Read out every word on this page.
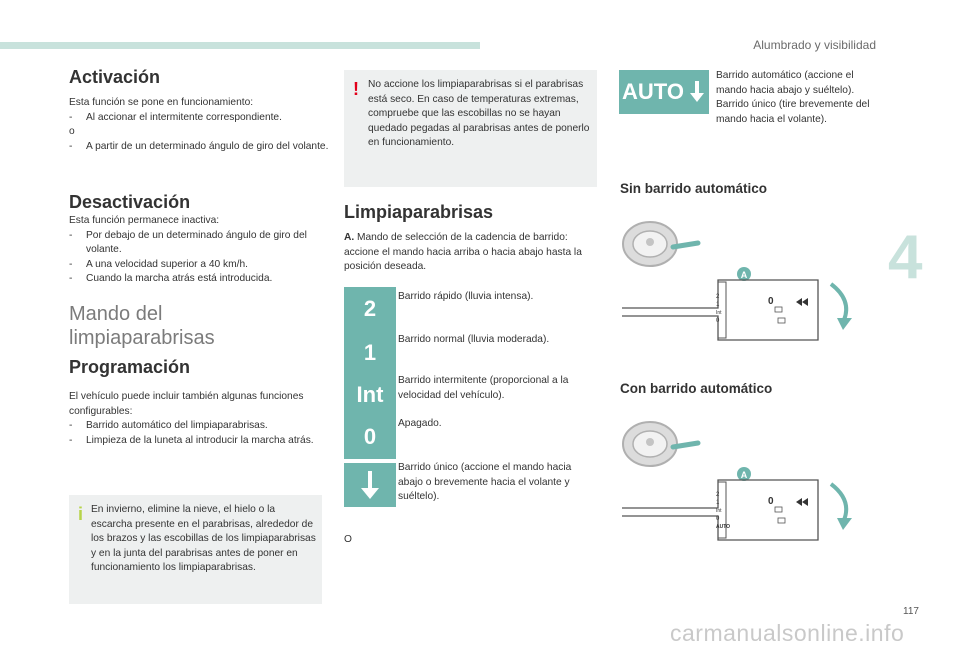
Alumbrado y visibilidad
4
117
carmanualsonline.info
Activación
Esta función se pone en funcionamiento:
- Al accionar el intermitente correspondiente.
o
- A partir de un determinado ángulo de giro del volante.
Desactivación
Esta función permanece inactiva:
- Por debajo de un determinado ángulo de giro del volante.
- A una velocidad superior a 40 km/h.
- Cuando la marcha atrás está introducida.
Mando del
limpiaparabrisas
Programación
El vehículo puede incluir también algunas funciones configurables:
- Barrido automático del limpiaparabrisas.
- Limpieza de la luneta al introducir la marcha atrás.
i En invierno, elimine la nieve, el hielo o la escarcha presente en el parabrisas, alrededor de los brazos y las escobillas de los limpiaparabrisas y en la junta del parabrisas antes de poner en funcionamiento los limpiaparabrisas.
! No accione los limpiaparabrisas si el parabrisas está seco. En caso de temperaturas extremas, compruebe que las escobillas no se hayan quedado pegadas al parabrisas antes de ponerlo en funcionamiento.
Limpiaparabrisas
A. Mando de selección de la cadencia de barrido: accione el mando hacia arriba o hacia abajo hasta la posición deseada.
2	Barrido rápido (lluvia intensa).
1
Barrido normal (lluvia moderada).
Int
Barrido intermitente (proporcional a la velocidad del vehículo).
0
Apagado.
Barrido único (accione el mando hacia abajo o brevemente hacia el volante y suéltelo).
O
AUTO
Barrido automático (accione el mando hacia abajo y suéltelo).
Barrido único (tire brevemente del mando hacia el volante).
Sin barrido automático
A
2
1
Int
0
0
Con barrido automático
A
2
1
Int
0
AUTO
0
